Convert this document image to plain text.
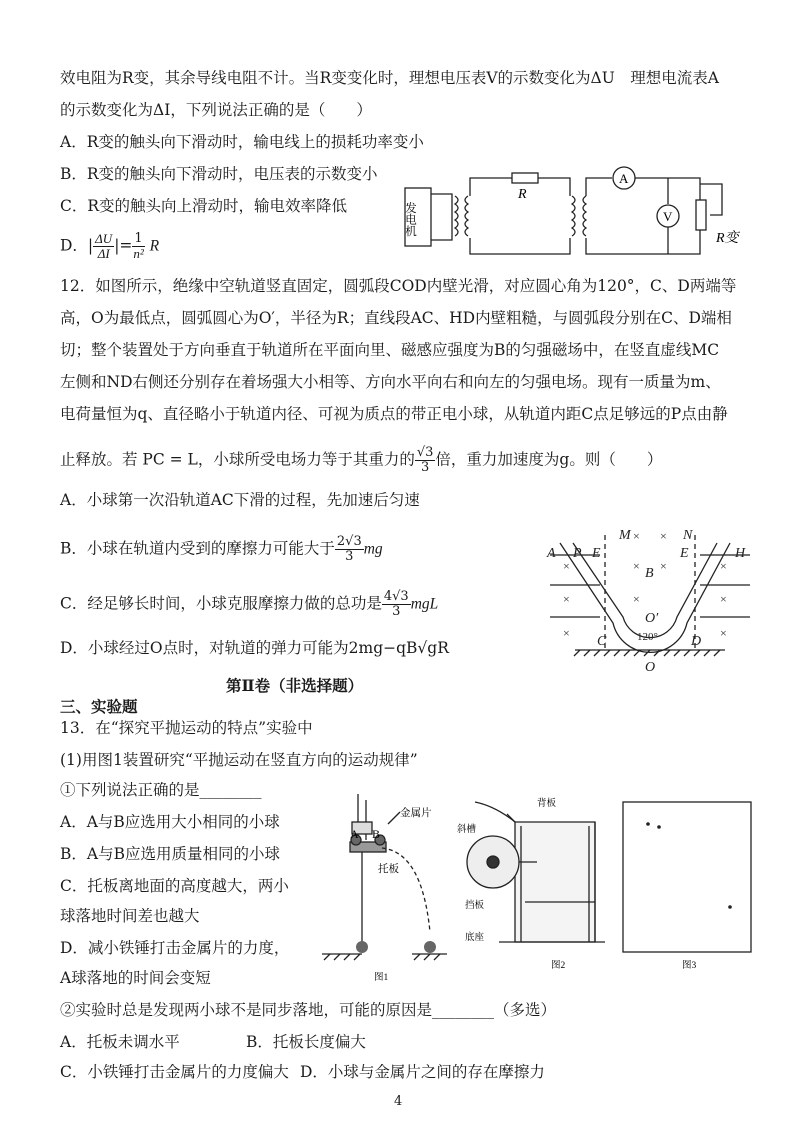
效电阻为R变，其余导线电阻不计。当R变变化时，理想电压表V的示数变化为ΔU　理想电流表A
的示数变化为ΔI，下列说法正确的是（　　）
A．R变的触头向下滑动时，输电线上的损耗功率变小
B．R变的触头向下滑动时，电压表的示数变小
C．R变的触头向上滑动时，输电效率降低
D．| $\frac{\Delta U}{\Delta I}$ |= $\frac{1}{\text{n²}}$ R
发电机
R
A
V
R变
12．如图所示，绝缘中空轨道竖直固定，圆弧段COD内壁光滑，对应圆心角为120°，C、D两端等
高，O为最低点，圆弧圆心为O′，半径为R；直线段AC、HD内壁粗糙，与圆弧段分别在C、D端相
切；整个装置处于方向垂直于轨道所在平面向里、磁感应强度为B的匀强磁场中，在竖直虚线MC
左侧和ND右侧还分别存在着场强大小相等、方向水平向右和向左的匀强电场。现有一质量为m、
电荷量恒为q、直径略小于轨道内径、可视为质点的带正电小球，从轨道内距C点足够远的P点由静
止释放。若 PC = L，小球所受电场力等于其重力的 $\frac{√3}{3}$ 倍，重力加速度为g。则（　　）
A．小球第一次沿轨道AC下滑的过程，先加速后匀速
B．小球在轨道内受到的摩擦力可能大于 $\frac{2√3}{3}$ mg
C．经足够长时间，小球克服摩擦力做的总功是 $\frac{4√3}{3}$ mgL
D．小球经过O点时，对轨道的弹力可能为2mg−qB√gR
×
×
×
×
×
×
×
×	×
×
×
A P E
M	N
E	H
B
O′
C	D
O
120°
第Ⅱ卷（非选择题）
三、实验题
13．在“探究平抛运动的特点”实验中
(1)用图1装置研究“平抛运动在竖直方向的运动规律”
①下列说法正确的是________
A．A与B应选用大小相同的小球
B．A与B应选用质量相同的小球
C．托板离地面的高度越大，两小
球落地时间差也越大
D．减小铁锤打击金属片的力度，
A球落地的时间会变短
②实验时总是发现两小球不是同步落地，可能的原因是________（多选）
A．托板未调水平	B．托板长度偏大
C．小铁锤打击金属片的力度偏大 D．小球与金属片之间的存在摩擦力
金属片
A B
托板
图1
背板
斜槽
挡板
底座
图2	图3
4
